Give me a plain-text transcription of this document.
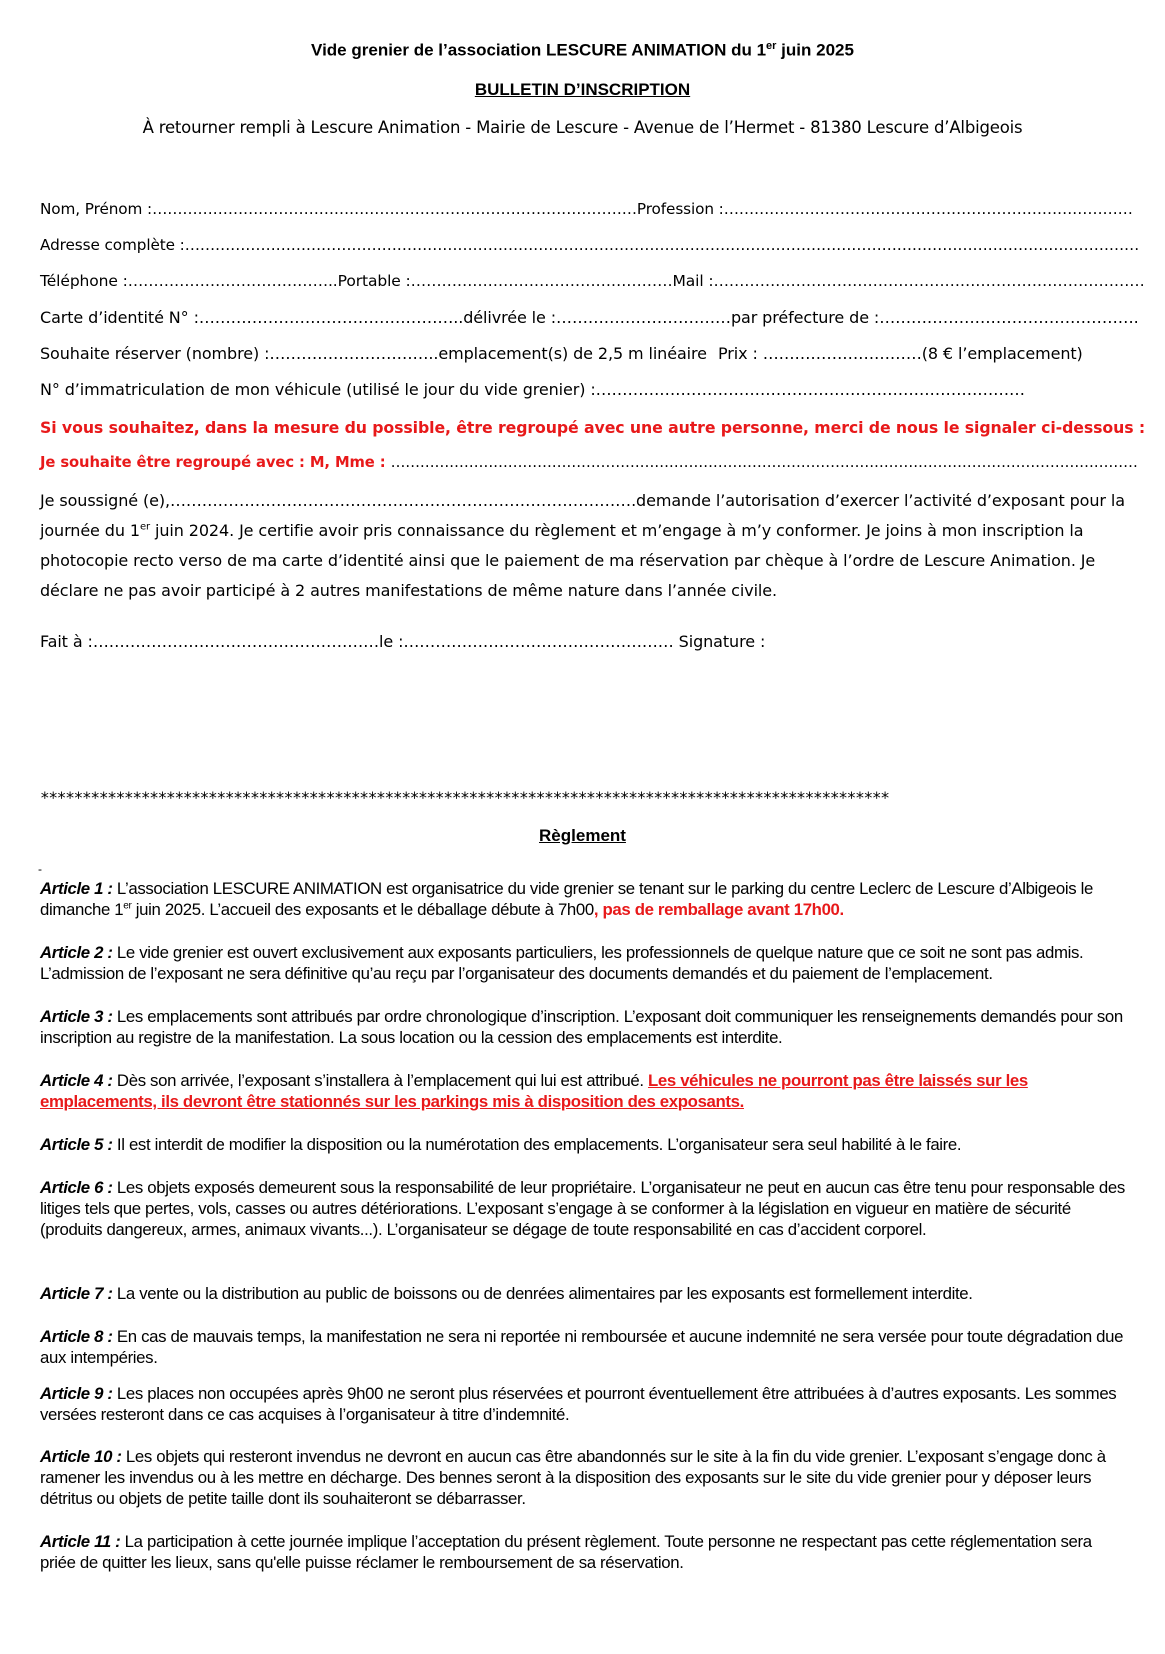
Vide grenier de l’association LESCURE ANIMATION du 1er juin 2025
BULLETIN D’INSCRIPTION
À retourner rempli à Lescure Animation - Mairie de Lescure - Avenue de l’Hermet - 81380 Lescure d’Albigeois
Nom, Prénom :……………………………………………………………………………………Profession :………………………………………………………………………
Adresse complète :………………………………………………………………………………………………………………………………………………………………………
Téléphone :…………………………………..Portable :……………………………………………Mail :…………………………………………………………………………
Carte d’identité N° :…………………………………………..délivrée le :……………………………par préfecture de :………………………………………….
Souhaite réserver (nombre) :…………………………..emplacement(s) de 2,5 m linéaire Prix : …………………………(8 € l’emplacement)
N° d’immatriculation de mon véhicule (utilisé le jour du vide grenier) :………………………………………………………………………
Si vous souhaitez, dans la mesure du possible, être regroupé avec une autre personne, merci de nous le signaler ci-dessous :
Je souhaite être regroupé avec : M, Mme : ………………………………………………………………………………………………………………………………………
Je soussigné (e),…………………………………………………………………………….demande l’autorisation d’exercer l’activité d’exposant pour la journée du 1er juin 2024. Je certifie avoir pris connaissance du règlement et m’engage à m’y conformer. Je joins à mon inscription la photocopie recto verso de ma carte d’identité ainsi que le paiement de ma réservation par chèque à l’ordre de Lescure Animation. Je déclare ne pas avoir participé à 2 autres manifestations de même nature dans l’année civile.
Fait à :………………………………………………le :…………………………………………… Signature :
*****************************************************************************************************
Règlement
-
Article 1 : L’association LESCURE ANIMATION est organisatrice du vide grenier se tenant sur le parking du centre Leclerc de Lescure d’Albigeois le dimanche 1er juin 2025. L’accueil des exposants et le déballage débute à 7h00, pas de remballage avant 17h00.
Article 2 : Le vide grenier est ouvert exclusivement aux exposants particuliers, les professionnels de quelque nature que ce soit ne sont pas admis. L’admission de l’exposant ne sera définitive qu’au reçu par l’organisateur des documents demandés et du paiement de l’emplacement.
Article 3 : Les emplacements sont attribués par ordre chronologique d’inscription. L’exposant doit communiquer les renseignements demandés pour son inscription au registre de la manifestation. La sous location ou la cession des emplacements est interdite.
Article 4 : Dès son arrivée, l’exposant s’installera à l’emplacement qui lui est attribué. Les véhicules ne pourront pas être laissés sur les emplacements, ils devront être stationnés sur les parkings mis à disposition des exposants.
Article 5 : Il est interdit de modifier la disposition ou la numérotation des emplacements. L’organisateur sera seul habilité à le faire.
Article 6 : Les objets exposés demeurent sous la responsabilité de leur propriétaire. L’organisateur ne peut en aucun cas être tenu pour responsable des litiges tels que pertes, vols, casses ou autres détériorations. L’exposant s’engage à se conformer à la législation en vigueur en matière de sécurité (produits dangereux, armes, animaux vivants...). L’organisateur se dégage de toute responsabilité en cas d’accident corporel.
Article 7 : La vente ou la distribution au public de boissons ou de denrées alimentaires par les exposants est formellement interdite.
Article 8 : En cas de mauvais temps, la manifestation ne sera ni reportée ni remboursée et aucune indemnité ne sera versée pour toute dégradation due aux intempéries.
Article 9 : Les places non occupées après 9h00 ne seront plus réservées et pourront éventuellement être attribuées à d’autres exposants. Les sommes versées resteront dans ce cas acquises à l’organisateur à titre d’indemnité.
Article 10 : Les objets qui resteront invendus ne devront en aucun cas être abandonnés sur le site à la fin du vide grenier. L’exposant s’engage donc à ramener les invendus ou à les mettre en décharge. Des bennes seront à la disposition des exposants sur le site du vide grenier pour y déposer leurs détritus ou objets de petite taille dont ils souhaiteront se débarrasser.
Article 11 : La participation à cette journée implique l’acceptation du présent règlement. Toute personne ne respectant pas cette réglementation sera priée de quitter les lieux, sans qu'elle puisse réclamer le remboursement de sa réservation.
